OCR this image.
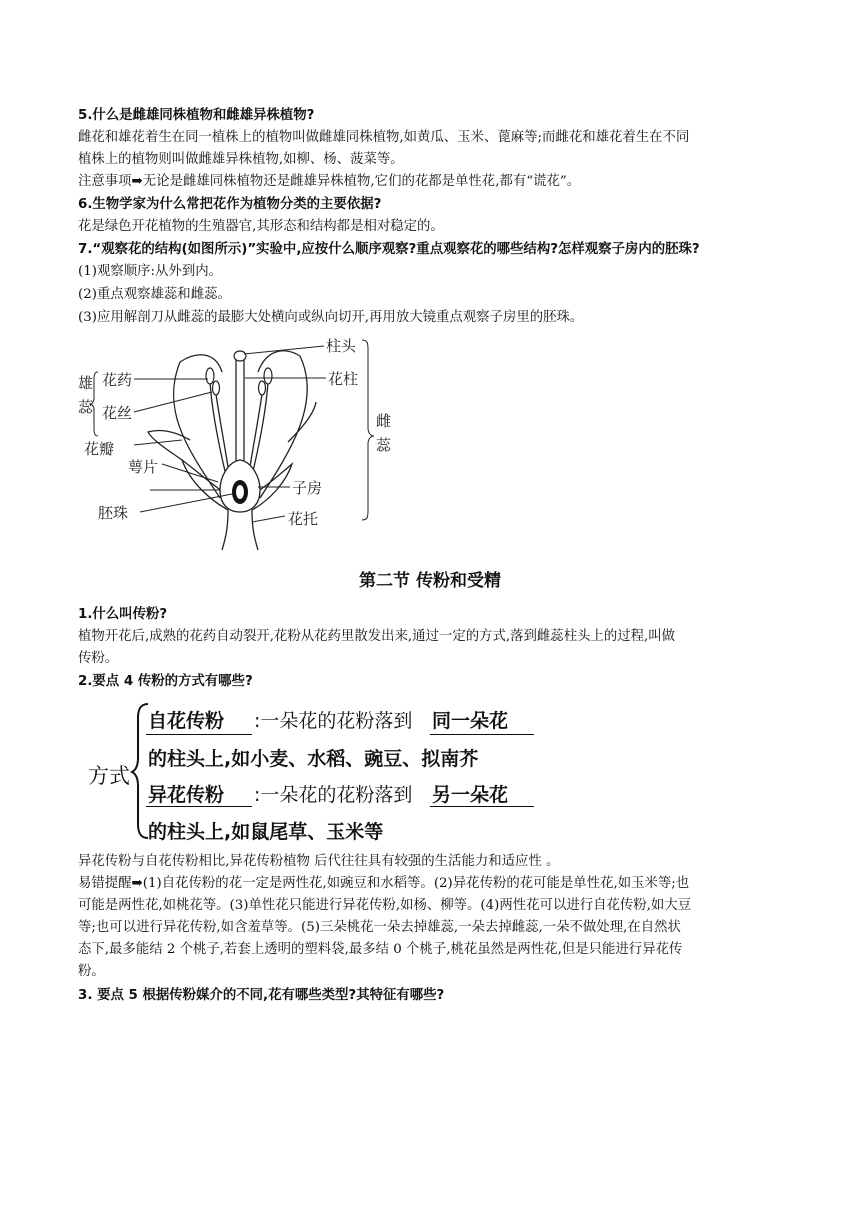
5.什么是雌雄同株植物和雌雄异株植物?
雌花和雄花着生在同一植株上的植物叫做雌雄同株植物,如黄瓜、玉米、蓖麻等;而雌花和雄花着生在不同
植株上的植物则叫做雌雄异株植物,如柳、杨、菠菜等。
注意事项➡无论是雌雄同株植物还是雌雄异株植物,它们的花都是单性花,都有“谎花”。
6.生物学家为什么常把花作为植物分类的主要依据?
花是绿色开花植物的生殖器官,其形态和结构都是相对稳定的。
7.“观察花的结构(如图所示)”实验中,应按什么顺序观察?重点观察花的哪些结构?怎样观察子房内的胚珠?
(1)观察顺序:从外到内。
(2)重点观察雄蕊和雌蕊。
(3)应用解剖刀从雌蕊的最膨大处横向或纵向切开,再用放大镜重点观察子房里的胚珠。
雄
蕊
花药
花丝
花瓣
萼片
胚珠
柱头
花柱
子房
花托
雌
蕊
第二节 传粉和受精
1.什么叫传粉?
植物开花后,成熟的花药自动裂开,花粉从花药里散发出来,通过一定的方式,落到雌蕊柱头上的过程,叫做
传粉。
2.要点 4 传粉的方式有哪些?
方式
自花传粉 :一朵花的花粉落到 同一朵花
的柱头上,如小麦、水稻、豌豆、拟南芥
异花传粉 :一朵花的花粉落到 另一朵花
的柱头上,如鼠尾草、玉米等
异花传粉与自花传粉相比,异花传粉植物 后代往往具有较强的生活能力和适应性 。
易错提醒➡(1)自花传粉的花一定是两性花,如豌豆和水稻等。(2)异花传粉的花可能是单性花,如玉米等;也
可能是两性花,如桃花等。(3)单性花只能进行异花传粉,如杨、柳等。(4)两性花可以进行自花传粉,如大豆
等;也可以进行异花传粉,如含羞草等。(5)三朵桃花一朵去掉雄蕊,一朵去掉雌蕊,一朵不做处理,在自然状
态下,最多能结 2 个桃子,若套上透明的塑料袋,最多结 0 个桃子,桃花虽然是两性花,但是只能进行异花传
粉。
3. 要点 5 根据传粉媒介的不同,花有哪些类型?其特征有哪些?
